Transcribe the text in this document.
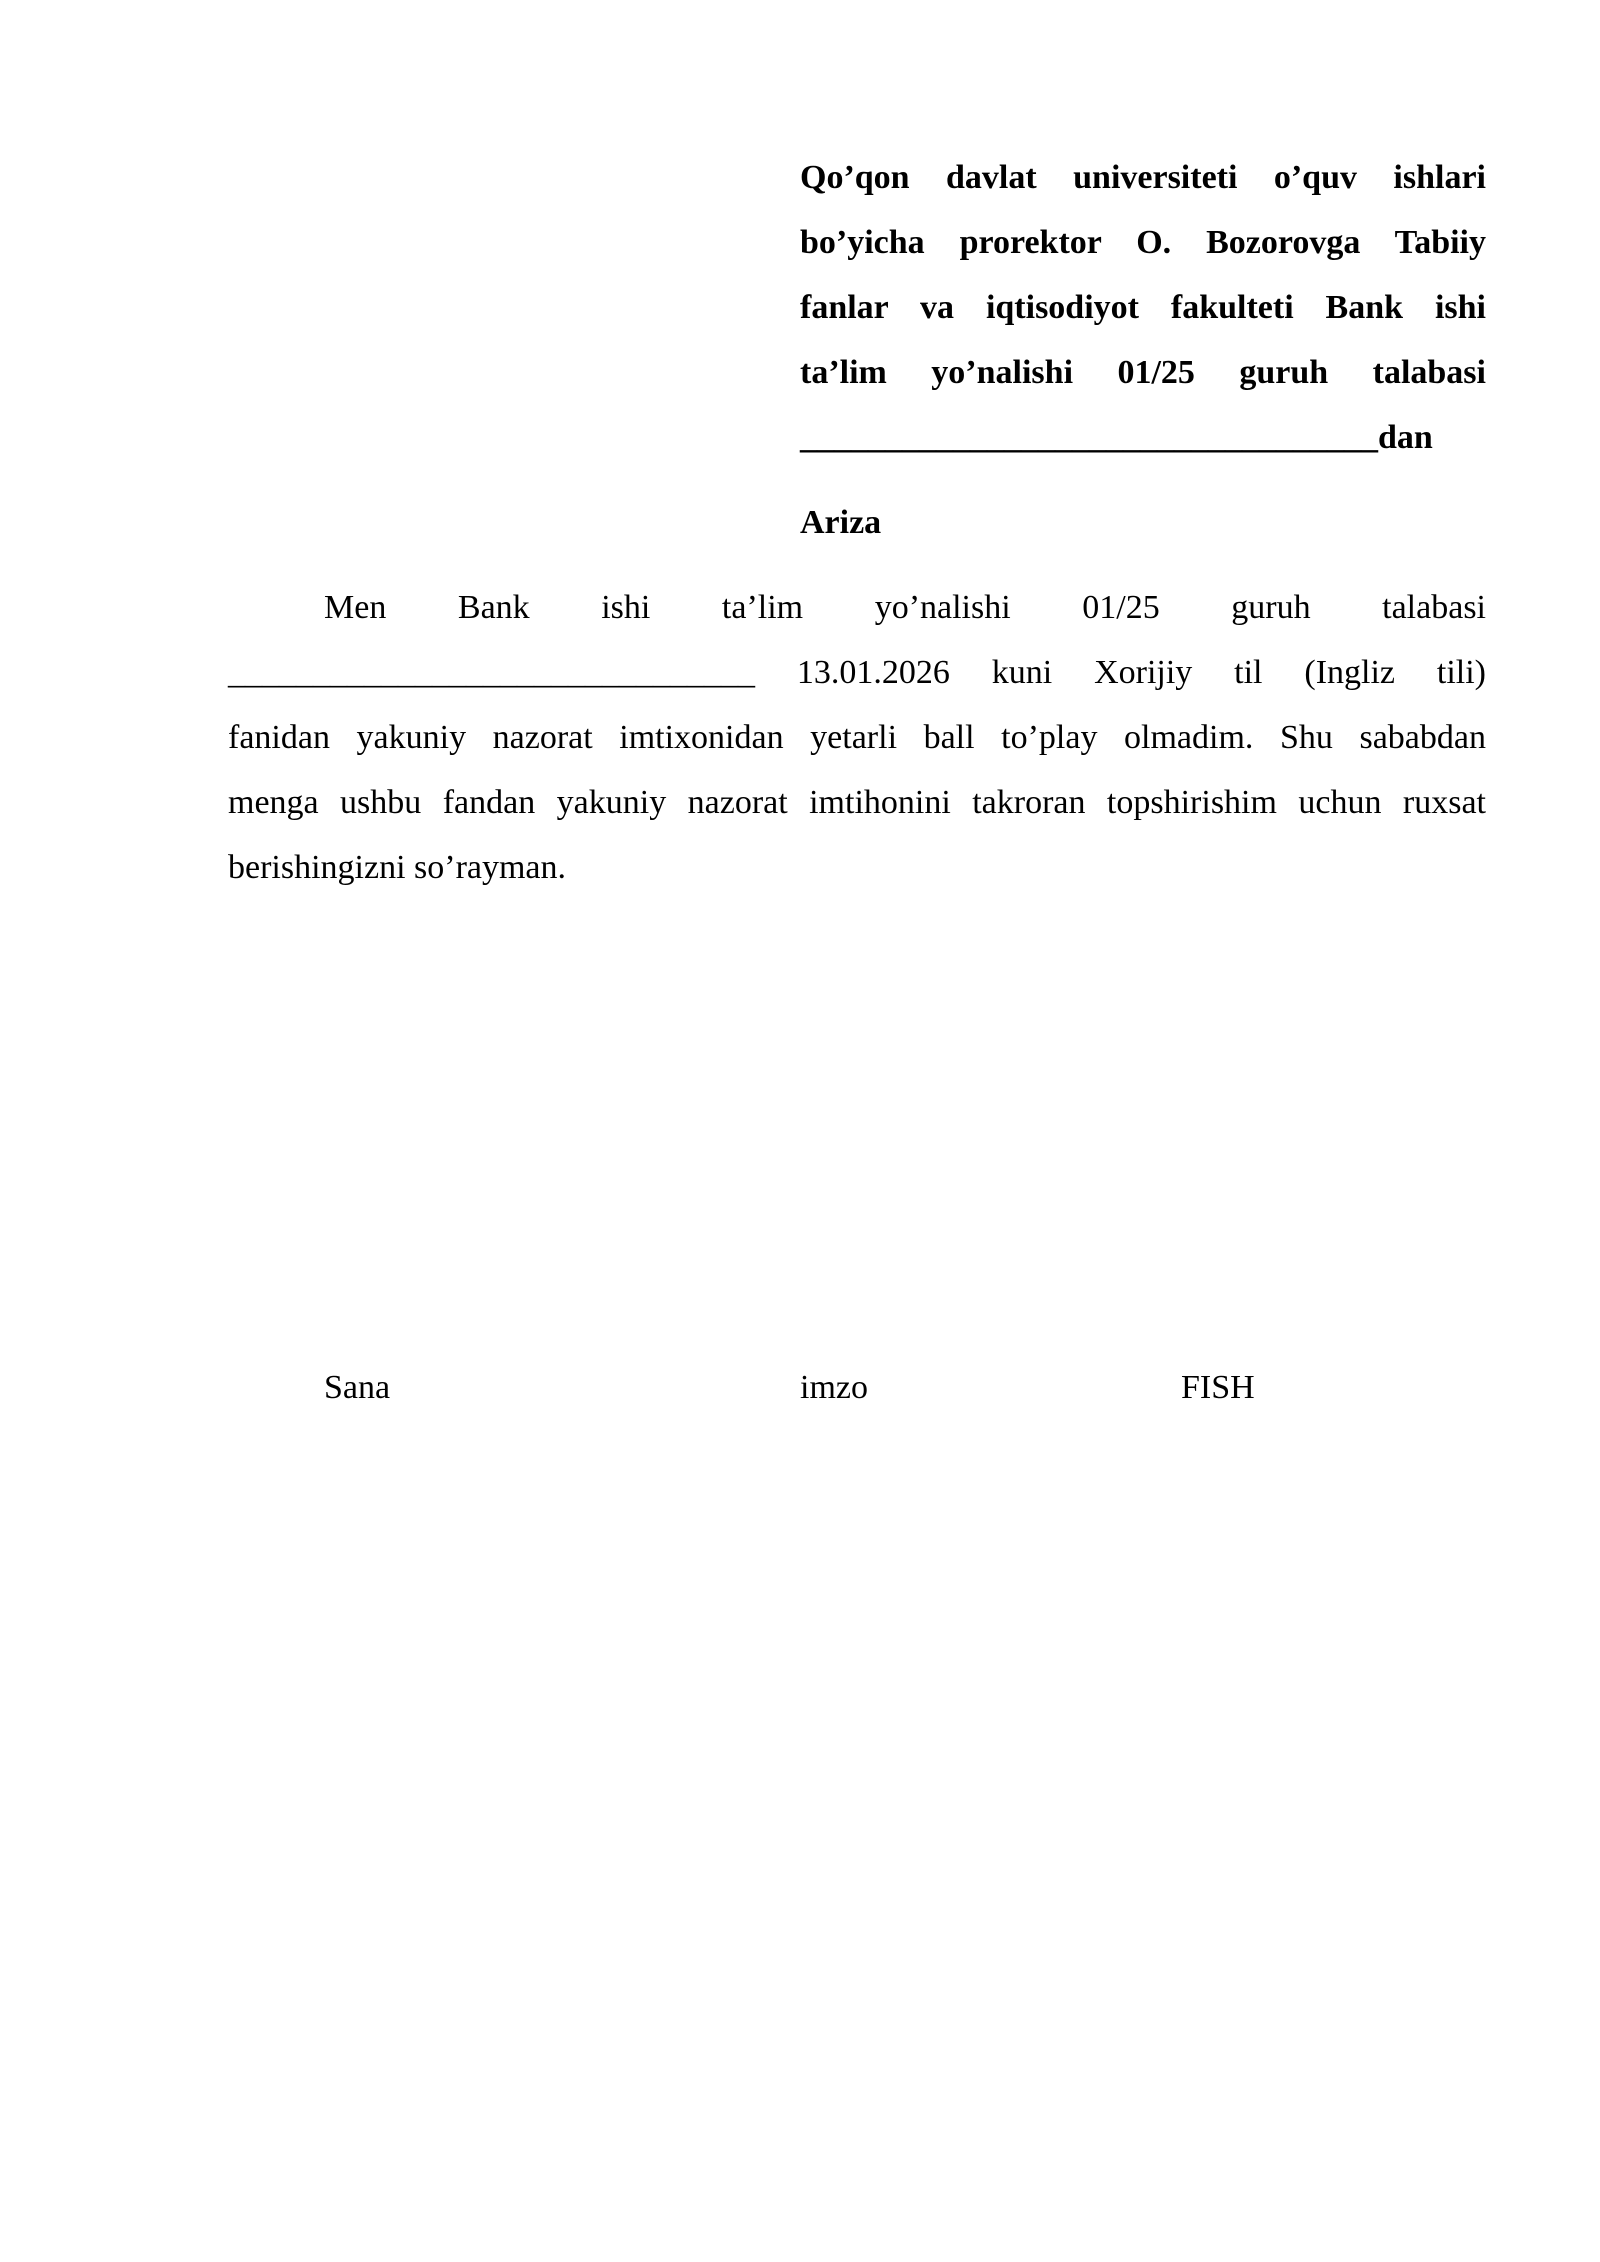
Qo’qon davlat universiteti o’quv ishlari
bo’yicha prorektor O. Bozorovga Tabiiy
fanlar va iqtisodiyot fakulteti Bank ishi
ta’lim yo’nalishi 01/25 guruh talabasi
__________________________________dan
Ariza
Men Bank ishi ta’lim yo’nalishi 01/25 guruh talabasi
_______________________________ 13.01.2026 kuni Xorijiy til (Ingliz tili)
fanidan yakuniy nazorat imtixonidan yetarli ball to’play olmadim. Shu sababdan
menga ushbu fandan yakuniy nazorat imtihonini takroran topshirishim uchun ruxsat
berishingizni so’rayman.
Sana	imzo	FISH
